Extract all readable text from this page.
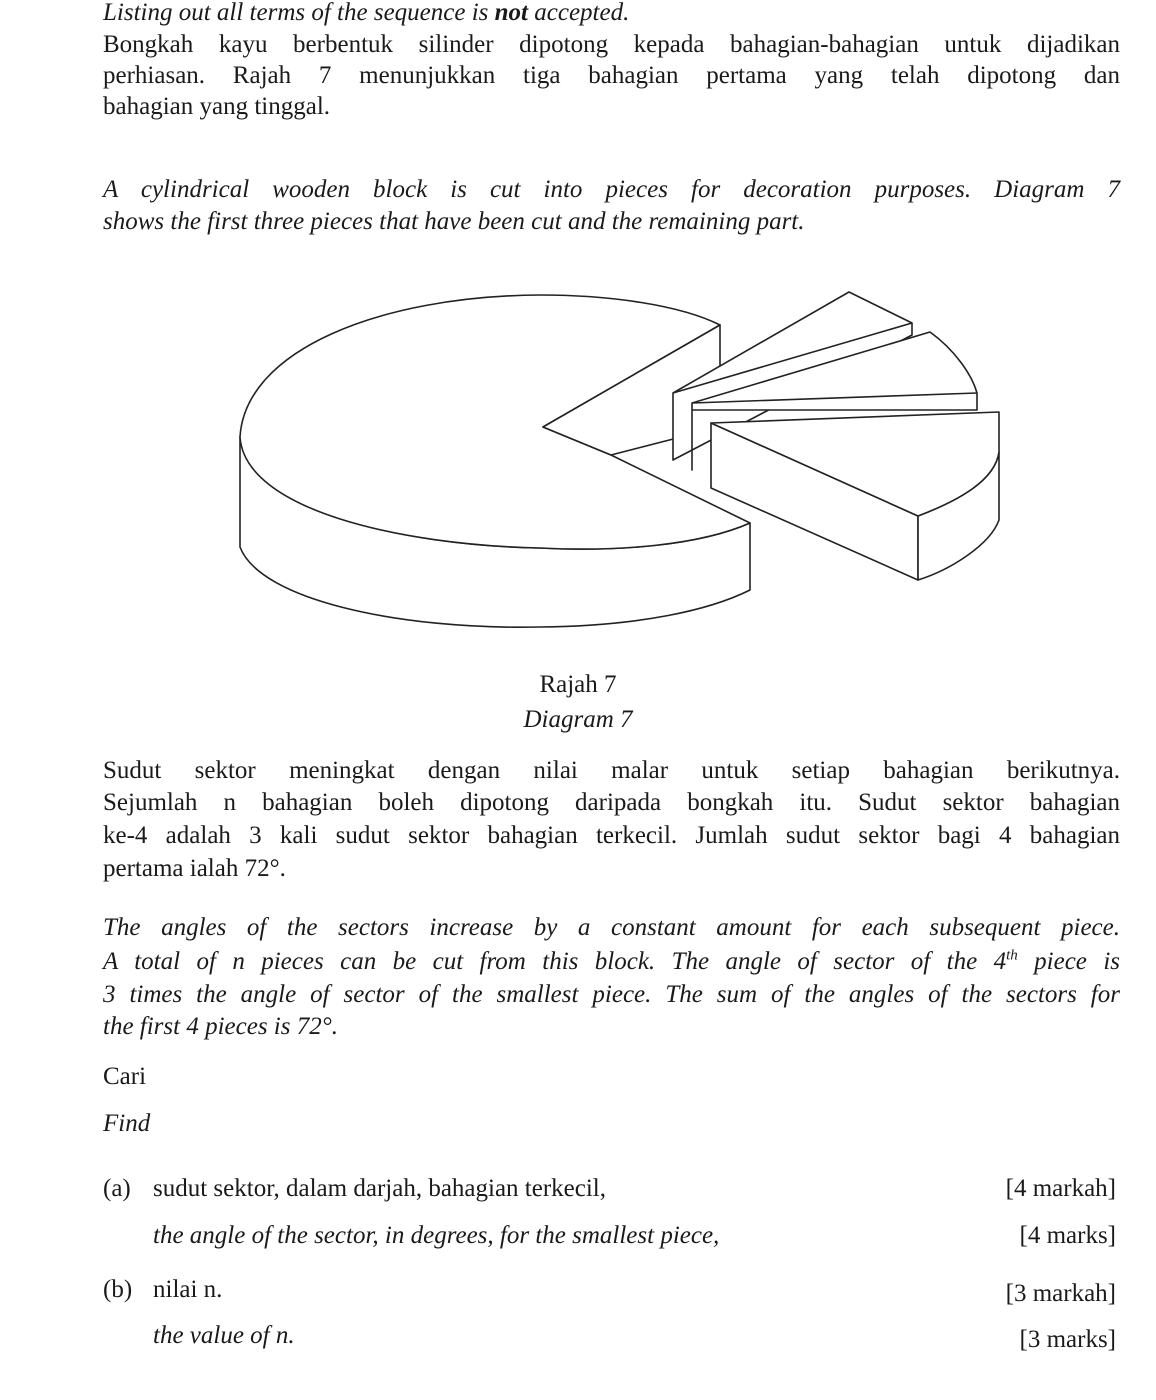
Listing out all terms of the sequence is not accepted.
Bongkah kayu berbentuk silinder dipotong kepada bahagian-bahagian untuk dijadikan
perhiasan. Rajah 7 menunjukkan tiga bahagian pertama yang telah dipotong dan
bahagian yang tinggal.
A cylindrical wooden block is cut into pieces for decoration purposes. Diagram 7
shows the first three pieces that have been cut and the remaining part.
Rajah 7
Diagram 7
Sudut sektor meningkat dengan nilai malar untuk setiap bahagian berikutnya.
Sejumlah n bahagian boleh dipotong daripada bongkah itu. Sudut sektor bahagian
ke-4 adalah 3 kali sudut sektor bahagian terkecil. Jumlah sudut sektor bagi 4 bahagian
pertama ialah 72°.
The angles of the sectors increase by a constant amount for each subsequent piece.
A total of n pieces can be cut from this block. The angle of sector of the 4th piece is
3 times the angle of sector of the smallest piece. The sum of the angles of the sectors for
the first 4 pieces is 72°.
Cari
Find
(a) sudut sektor, dalam darjah, bahagian terkecil,	[4 markah]
the angle of the sector, in degrees, for the smallest piece,	[4 marks]
(b) nilai n.	[3 markah]
the value of n.	[3 marks]
